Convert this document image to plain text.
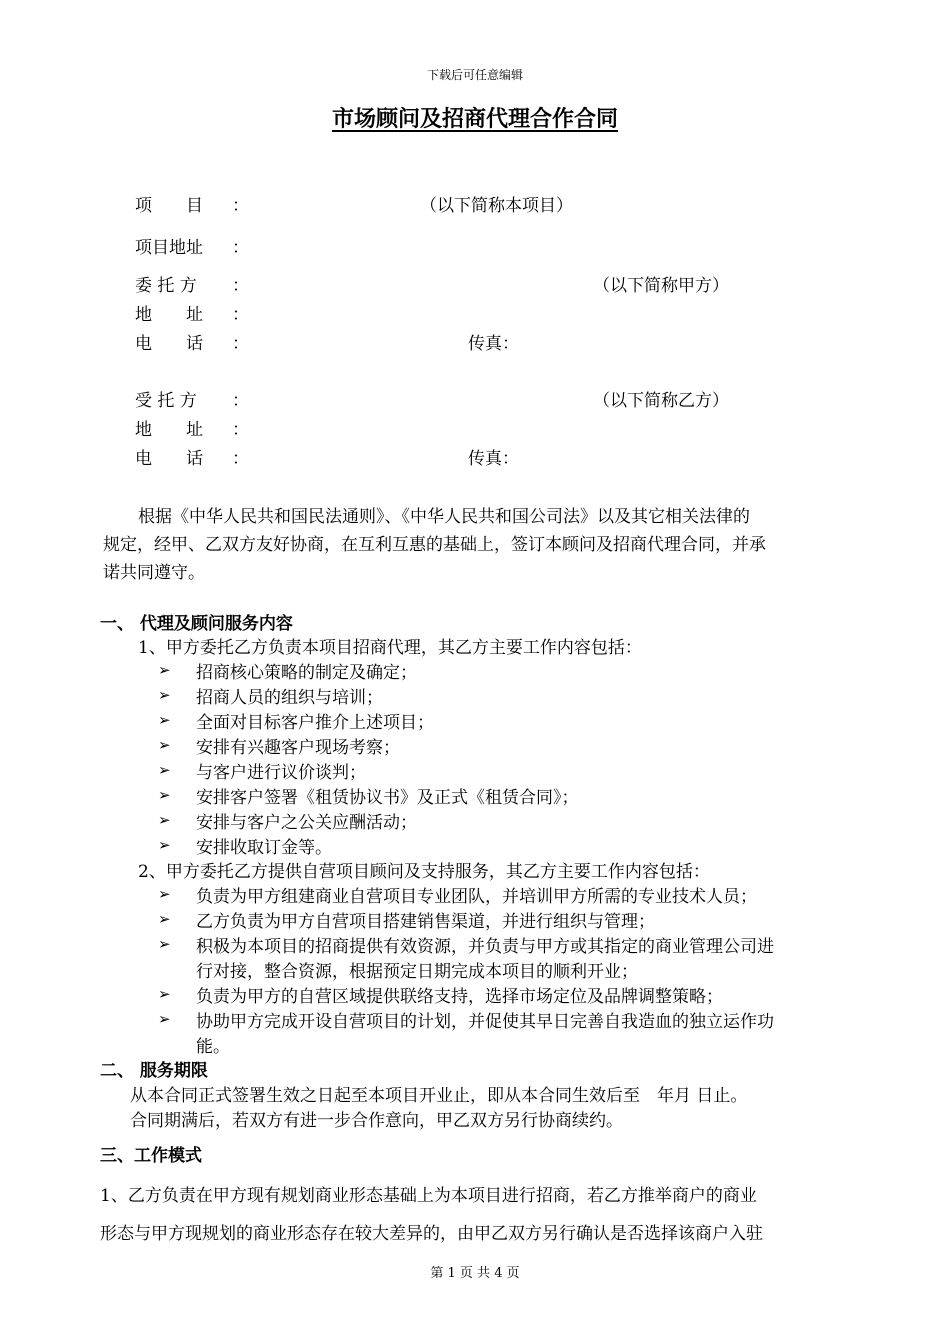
下载后可任意编辑
市场顾问及招商代理合作合同
项　　目 ：	（以下简称本项目）
项目地址 ：
委 托 方 ：	（以下简称甲方）
地　　址 ：
电　　话 ：	传真：
受 托 方 ：	（以下简称乙方）
地　　址 ：
电　　话 ：	传真：
根据《中华人民共和国民法通则》、《中华人民共和国公司法》以及其它相关法律的
规定，经甲、乙双方友好协商，在互利互惠的基础上，签订本顾问及招商代理合同，并承
诺共同遵守。
一、 代理及顾问服务内容
1、甲方委托乙方负责本项目招商代理，其乙方主要工作内容包括：
➢ 招商核心策略的制定及确定；
➢ 招商人员的组织与培训；
➢ 全面对目标客户推介上述项目；
➢ 安排有兴趣客户现场考察；
➢ 与客户进行议价谈判；
➢ 安排客户签署《租赁协议书》及正式《租赁合同》；
➢ 安排与客户之公关应酬活动；
➢ 安排收取订金等。
2、甲方委托乙方提供自营项目顾问及支持服务，其乙方主要工作内容包括：
➢ 负责为甲方组建商业自营项目专业团队，并培训甲方所需的专业技术人员；
➢ 乙方负责为甲方自营项目搭建销售渠道，并进行组织与管理；
➢ 积极为本项目的招商提供有效资源，并负责与甲方或其指定的商业管理公司进
行对接，整合资源，根据预定日期完成本项目的顺利开业；
➢ 负责为甲方的自营区域提供联络支持，选择市场定位及品牌调整策略；
➢ 协助甲方完成开设自营项目的计划，并促使其早日完善自我造血的独立运作功
能。
二、 服务期限
从本合同正式签署生效之日起至本项目开业止，即从本合同生效后至　年月 日止。
合同期满后，若双方有进一步合作意向，甲乙双方另行协商续约。
三、工作模式
1、乙方负责在甲方现有规划商业形态基础上为本项目进行招商，若乙方推举商户的商业
形态与甲方现规划的商业形态存在较大差异的，由甲乙双方另行确认是否选择该商户入驻
第 1 页 共 4 页
